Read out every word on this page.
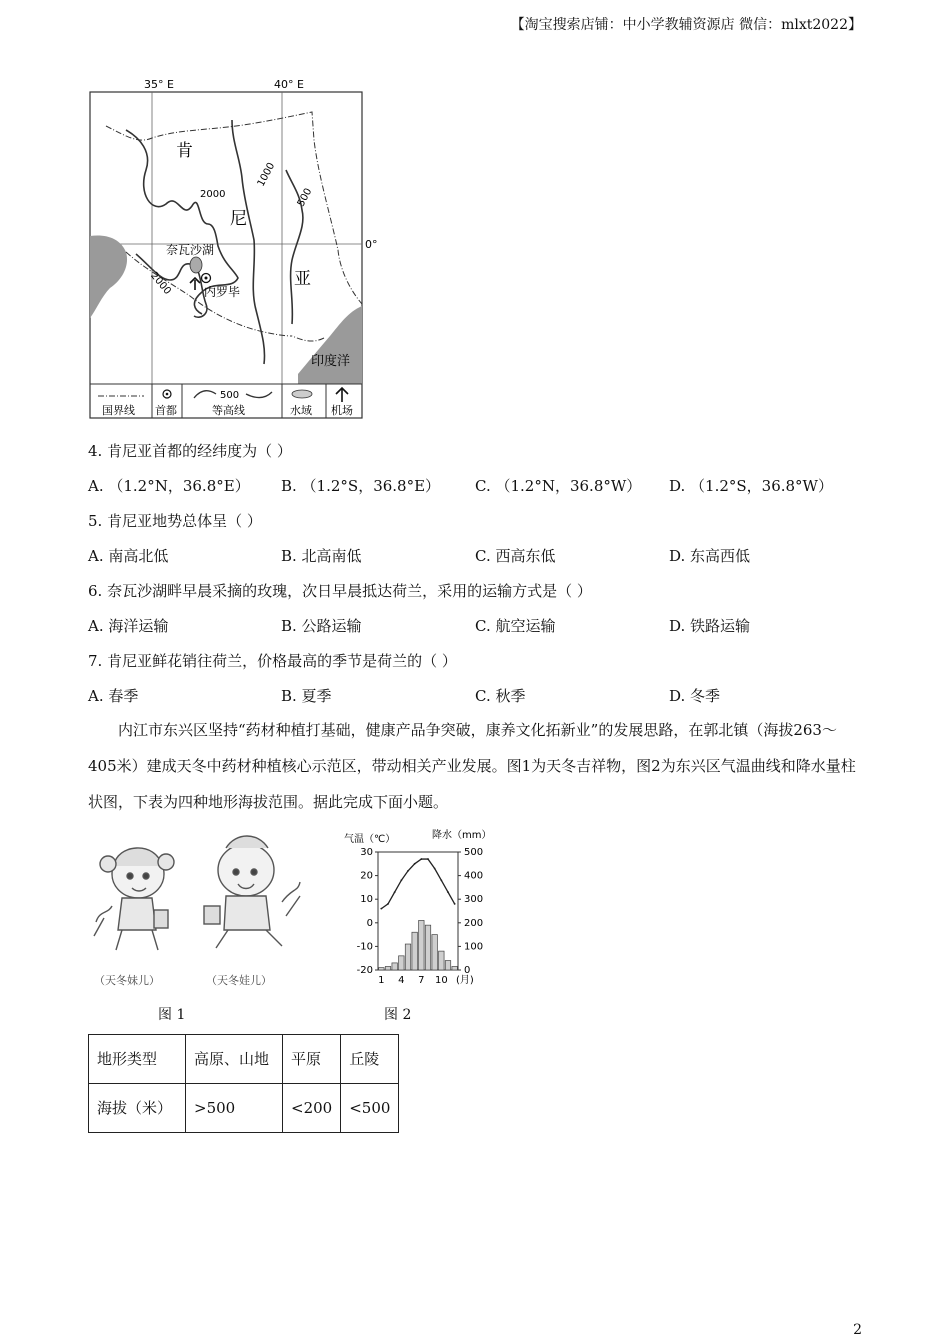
【淘宝搜索店铺：中小学教辅资源店 微信：mlxt2022】
35° E	40° E
0°
2000
1000
500
2000
肯
尼
亚
奈瓦沙湖
内罗毕
印度洋
国界线 首都
500
等高线	水域 机场
4. 肯尼亚首都的经纬度为（ ）
A. （1.2°N，36.8°E） B. （1.2°S，36.8°E） C. （1.2°N，36.8°W） D. （1.2°S，36.8°W）
5. 肯尼亚地势总体呈（ ）
A. 南高北低	B. 北高南低	C. 西高东低	D. 东高西低
6. 奈瓦沙湖畔早晨采摘的玫瑰，次日早晨抵达荷兰，采用的运输方式是（ ）
A. 海洋运输	B. 公路运输	C. 航空运输	D. 铁路运输
7. 肯尼亚鲜花销往荷兰，价格最高的季节是荷兰的（ ）
A. 春季	B. 夏季	C. 秋季	D. 冬季

内江市东兴区坚持“药材种植打基础，健康产品争突破，康养文化拓新业”的发展思路，在郭北镇（海拔263～405米）建成天冬中药材种植核心示范区，带动相关产业发展。图1为天冬吉祥物，图2为东兴区气温曲线和降水量柱状图，下表为四种地形海拔范围。据此完成下面小题。

（天冬妹儿）	（天冬娃儿）
图 1
气温（℃）	降水（mm）
30
20
10
0
-10
-20
500
400
300
200
100
0
1 4 7 10 (月)
图 2
地形类型	高原、山地	平原	丘陵
海拔（米）	>500	<200	<500
2
